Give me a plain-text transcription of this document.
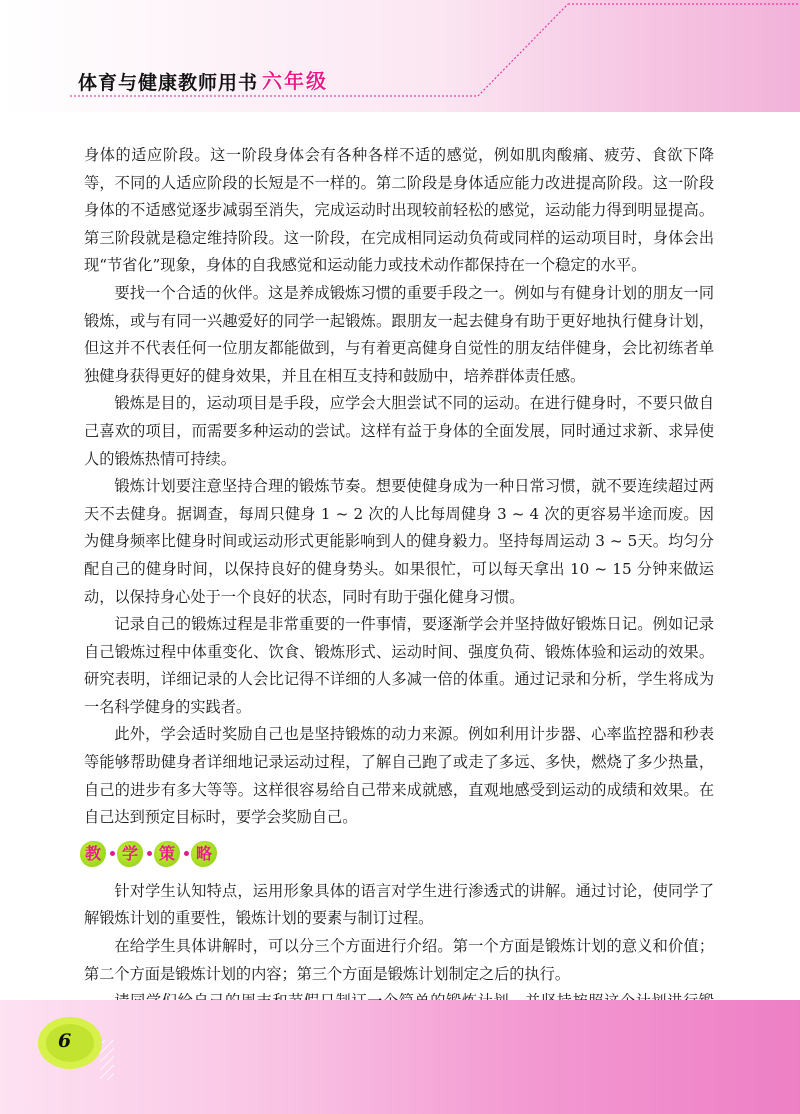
体育与健康教师用书 六年级

身体的适应阶段。这一阶段身体会有各种各样不适的感觉，例如肌肉酸痛、疲劳、食欲下降等，不同的人适应阶段的长短是不一样的。第二阶段是身体适应能力改进提高阶段。这一阶段身体的不适感觉逐步减弱至消失，完成运动时出现较前轻松的感觉，运动能力得到明显提高。第三阶段就是稳定维持阶段。这一阶段，在完成相同运动负荷或同样的运动项目时，身体会出现“节省化”现象，身体的自我感觉和运动能力或技术动作都保持在一个稳定的水平。

要找一个合适的伙伴。这是养成锻炼习惯的重要手段之一。例如与有健身计划的朋友一同锻炼，或与有同一兴趣爱好的同学一起锻炼。跟朋友一起去健身有助于更好地执行健身计划，但这并不代表任何一位朋友都能做到，与有着更高健身自觉性的朋友结伴健身，会比初练者单独健身获得更好的健身效果，并且在相互支持和鼓励中，培养群体责任感。

锻炼是目的，运动项目是手段，应学会大胆尝试不同的运动。在进行健身时，不要只做自己喜欢的项目，而需要多种运动的尝试。这样有益于身体的全面发展，同时通过求新、求异使人的锻炼热情可持续。

锻炼计划要注意坚持合理的锻炼节奏。想要使健身成为一种日常习惯，就不要连续超过两天不去健身。据调查，每周只健身 1 ~ 2 次的人比每周健身 3 ~ 4 次的更容易半途而废。因为健身频率比健身时间或运动形式更能影响到人的健身毅力。坚持每周运动 3 ~ 5天。均匀分配自己的健身时间，以保持良好的健身势头。如果很忙，可以每天拿出 10 ~ 15 分钟来做运动，以保持身心处于一个良好的状态，同时有助于强化健身习惯。

记录自己的锻炼过程是非常重要的一件事情，要逐渐学会并坚持做好锻炼日记。例如记录自己锻炼过程中体重变化、饮食、锻炼形式、运动时间、强度负荷、锻炼体验和运动的效果。研究表明，详细记录的人会比记得不详细的人多减一倍的体重。通过记录和分析，学生将成为一名科学健身的实践者。

此外，学会适时奖励自己也是坚持锻炼的动力来源。例如利用计步器、心率监控器和秒表等能够帮助健身者详细地记录运动过程，了解自己跑了或走了多远、多快，燃烧了多少热量，自己的进步有多大等等。这样很容易给自己带来成就感，直观地感受到运动的成绩和效果。在自己达到预定目标时，要学会奖励自己。

教 学 策 略

针对学生认知特点，运用形象具体的语言对学生进行渗透式的讲解。通过讨论，使同学了解锻炼计划的重要性，锻炼计划的要素与制订过程。

在给学生具体讲解时，可以分三个方面进行介绍。第一个方面是锻炼计划的意义和价值；第二个方面是锻炼计划的内容；第三个方面是锻炼计划制定之后的执行。

6
